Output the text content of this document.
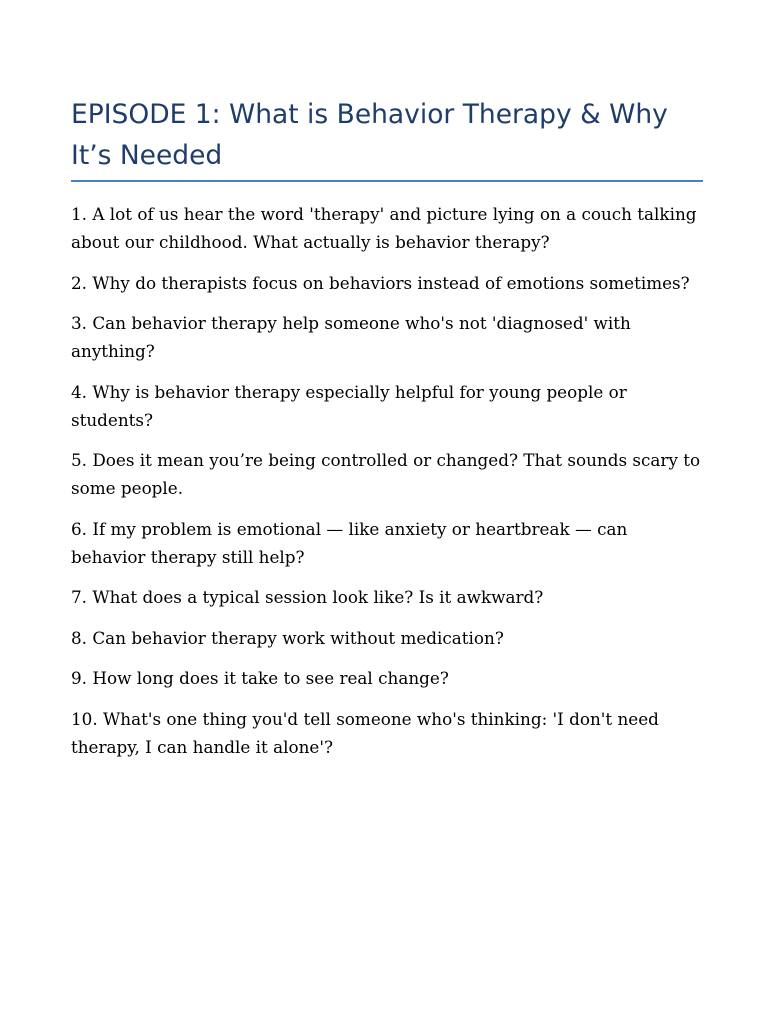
EPISODE 1: What is Behavior Therapy & Why It’s Needed
1. A lot of us hear the word 'therapy' and picture lying on a couch talking about our childhood. What actually is behavior therapy?
2. Why do therapists focus on behaviors instead of emotions sometimes?
3. Can behavior therapy help someone who's not 'diagnosed' with anything?
4. Why is behavior therapy especially helpful for young people or students?
5. Does it mean you’re being controlled or changed? That sounds scary to some people.
6. If my problem is emotional — like anxiety or heartbreak — can behavior therapy still help?
7. What does a typical session look like? Is it awkward?
8. Can behavior therapy work without medication?
9. How long does it take to see real change?
10. What's one thing you'd tell someone who's thinking: 'I don't need therapy, I can handle it alone'?
